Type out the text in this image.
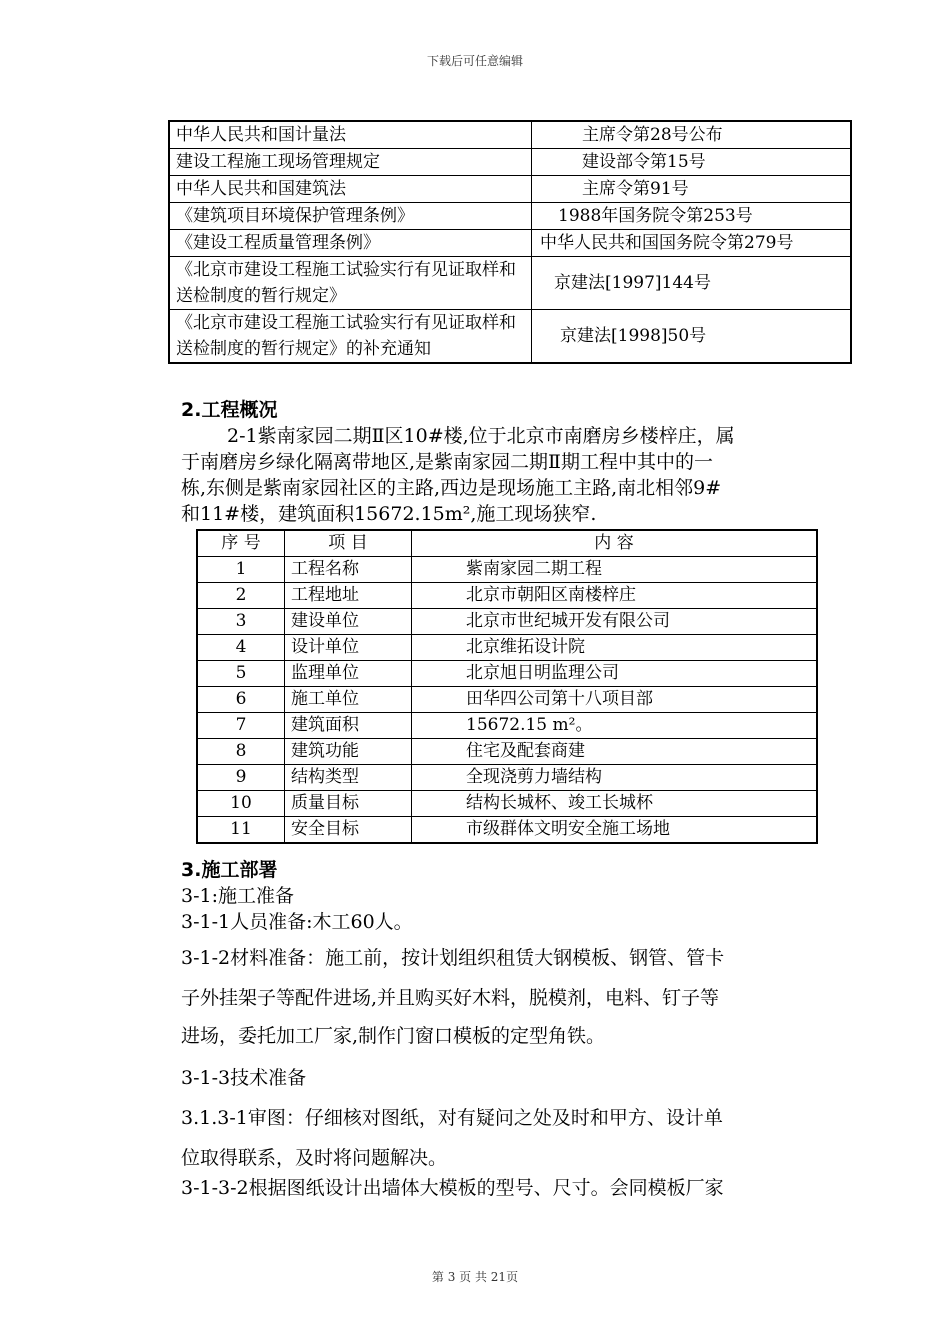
下载后可任意编辑
中华人民共和国计量法	主席令第28号公布
建设工程施工现场管理规定	建设部令第15号
中华人民共和国建筑法	主席令第91号
《建筑项目环境保护管理条例》	1988年国务院令第253号
《建设工程质量管理条例》	中华人民共和国国务院令第279号
《北京市建设工程施工试验实行有见证取样和送检制度的暂行规定》	京建法[1997]144号
《北京市建设工程施工试验实行有见证取样和送检制度的暂行规定》的补充通知	京建法[1998]50号
2.工程概况
2-1紫南家园二期Ⅱ区10#楼,位于北京市南磨房乡楼梓庄，属
于南磨房乡绿化隔离带地区,是紫南家园二期Ⅱ期工程中其中的一
栋,东侧是紫南家园社区的主路,西边是现场施工主路,南北相邻9#
和11#楼，建筑面积15672.15m²,施工现场狭窄.
序 号	项 目	内 容
1	工程名称	紫南家园二期工程
2	工程地址	北京市朝阳区南楼梓庄
3	建设单位	北京市世纪城开发有限公司
4	设计单位	北京维拓设计院
5	监理单位	北京旭日明监理公司
6	施工单位	田华四公司第十八项目部
7	建筑面积	15672.15 m²。
8	建筑功能	住宅及配套商建
9	结构类型	全现浇剪力墙结构
10	质量目标	结构长城杯、竣工长城杯
11	安全目标	市级群体文明安全施工场地
3.施工部署
3-1:施工准备
3-1-1人员准备:木工60人。
3-1-2材料准备：施工前，按计划组织租赁大钢模板、钢管、管卡
子外挂架子等配件进场,并且购买好木料，脱模剂，电料、钉子等
进场，委托加工厂家,制作门窗口模板的定型角铁。
3-1-3技术准备
3.1.3-1审图：仔细核对图纸，对有疑问之处及时和甲方、设计单
位取得联系，及时将问题解决。
3-1-3-2根据图纸设计出墙体大模板的型号、尺寸。会同模板厂家
第 3 页 共 21页
